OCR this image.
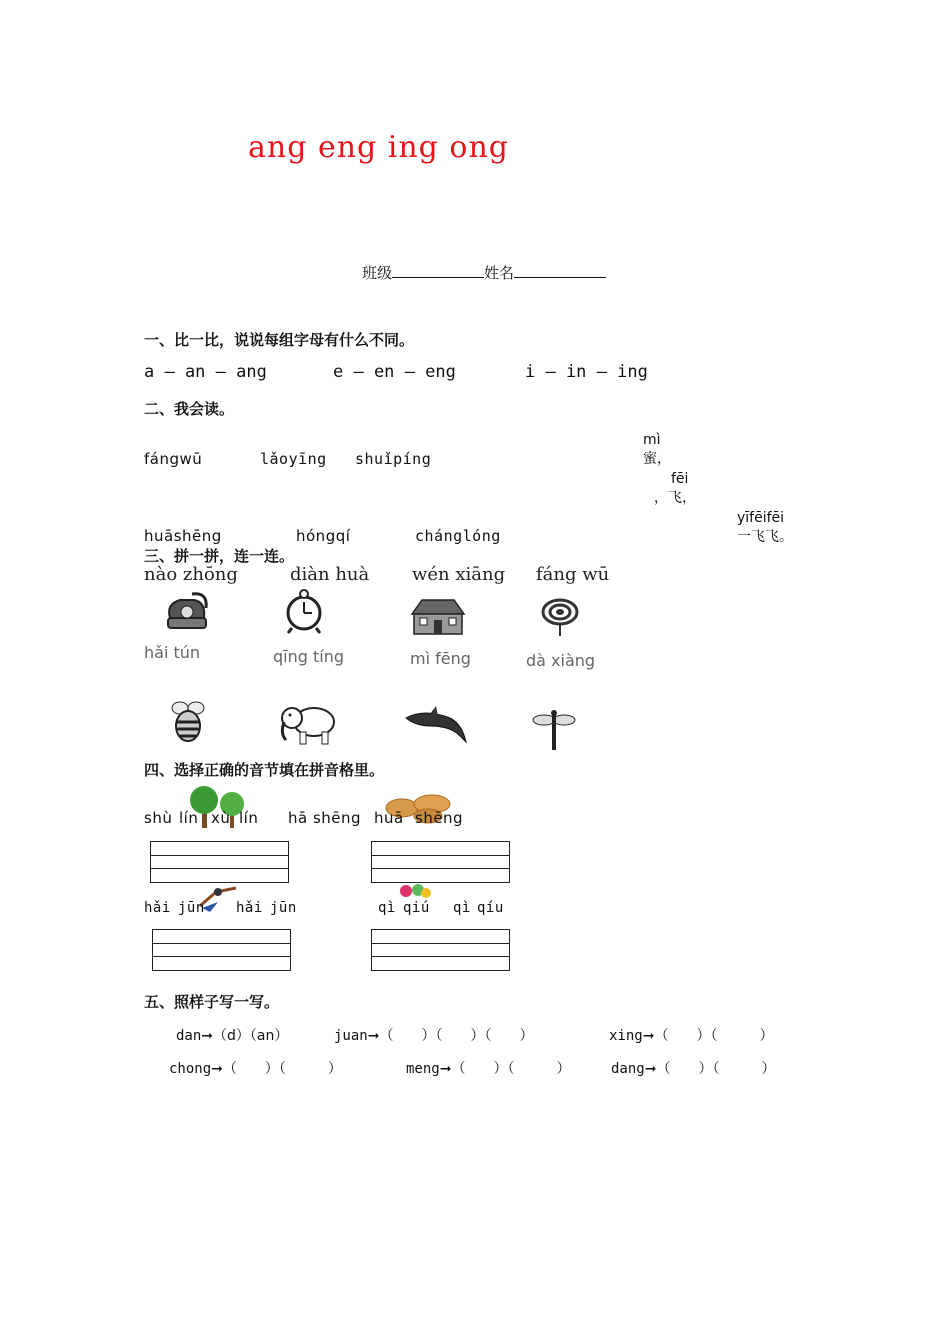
ang eng ing ong
班级	姓名
一、比一比，说说每组字母有什么不同。
a — an — ang	e — en — eng	i — in — ing
二、我会读。
fángwū	lǎoyīng shuǐpíng
huāshēng	hóngqí	chánglóng
mì
蜜，
fēi
，飞，
yīfēifēi
一飞飞。
三、拼一拼，连一连。
nào zhōng	diàn huà wén xiāng fáng wū
hǎi tún	qīng tíng	mì fēng	dà xiàng
四、选择正确的音节填在拼音格里。
shù lín xù lín hā shēng huā shēng
hǎi jūn hǎi jūn	qì qiú qì qíu
五、照样子写一写。
dan➞（d）（an）	juan➞（　　）（　　）（　　）	xing➞（　　）（　　　）
chong➞（　　）（　　　）	meng➞（　　）（　　　）	dang➞（　　）（　　　）
